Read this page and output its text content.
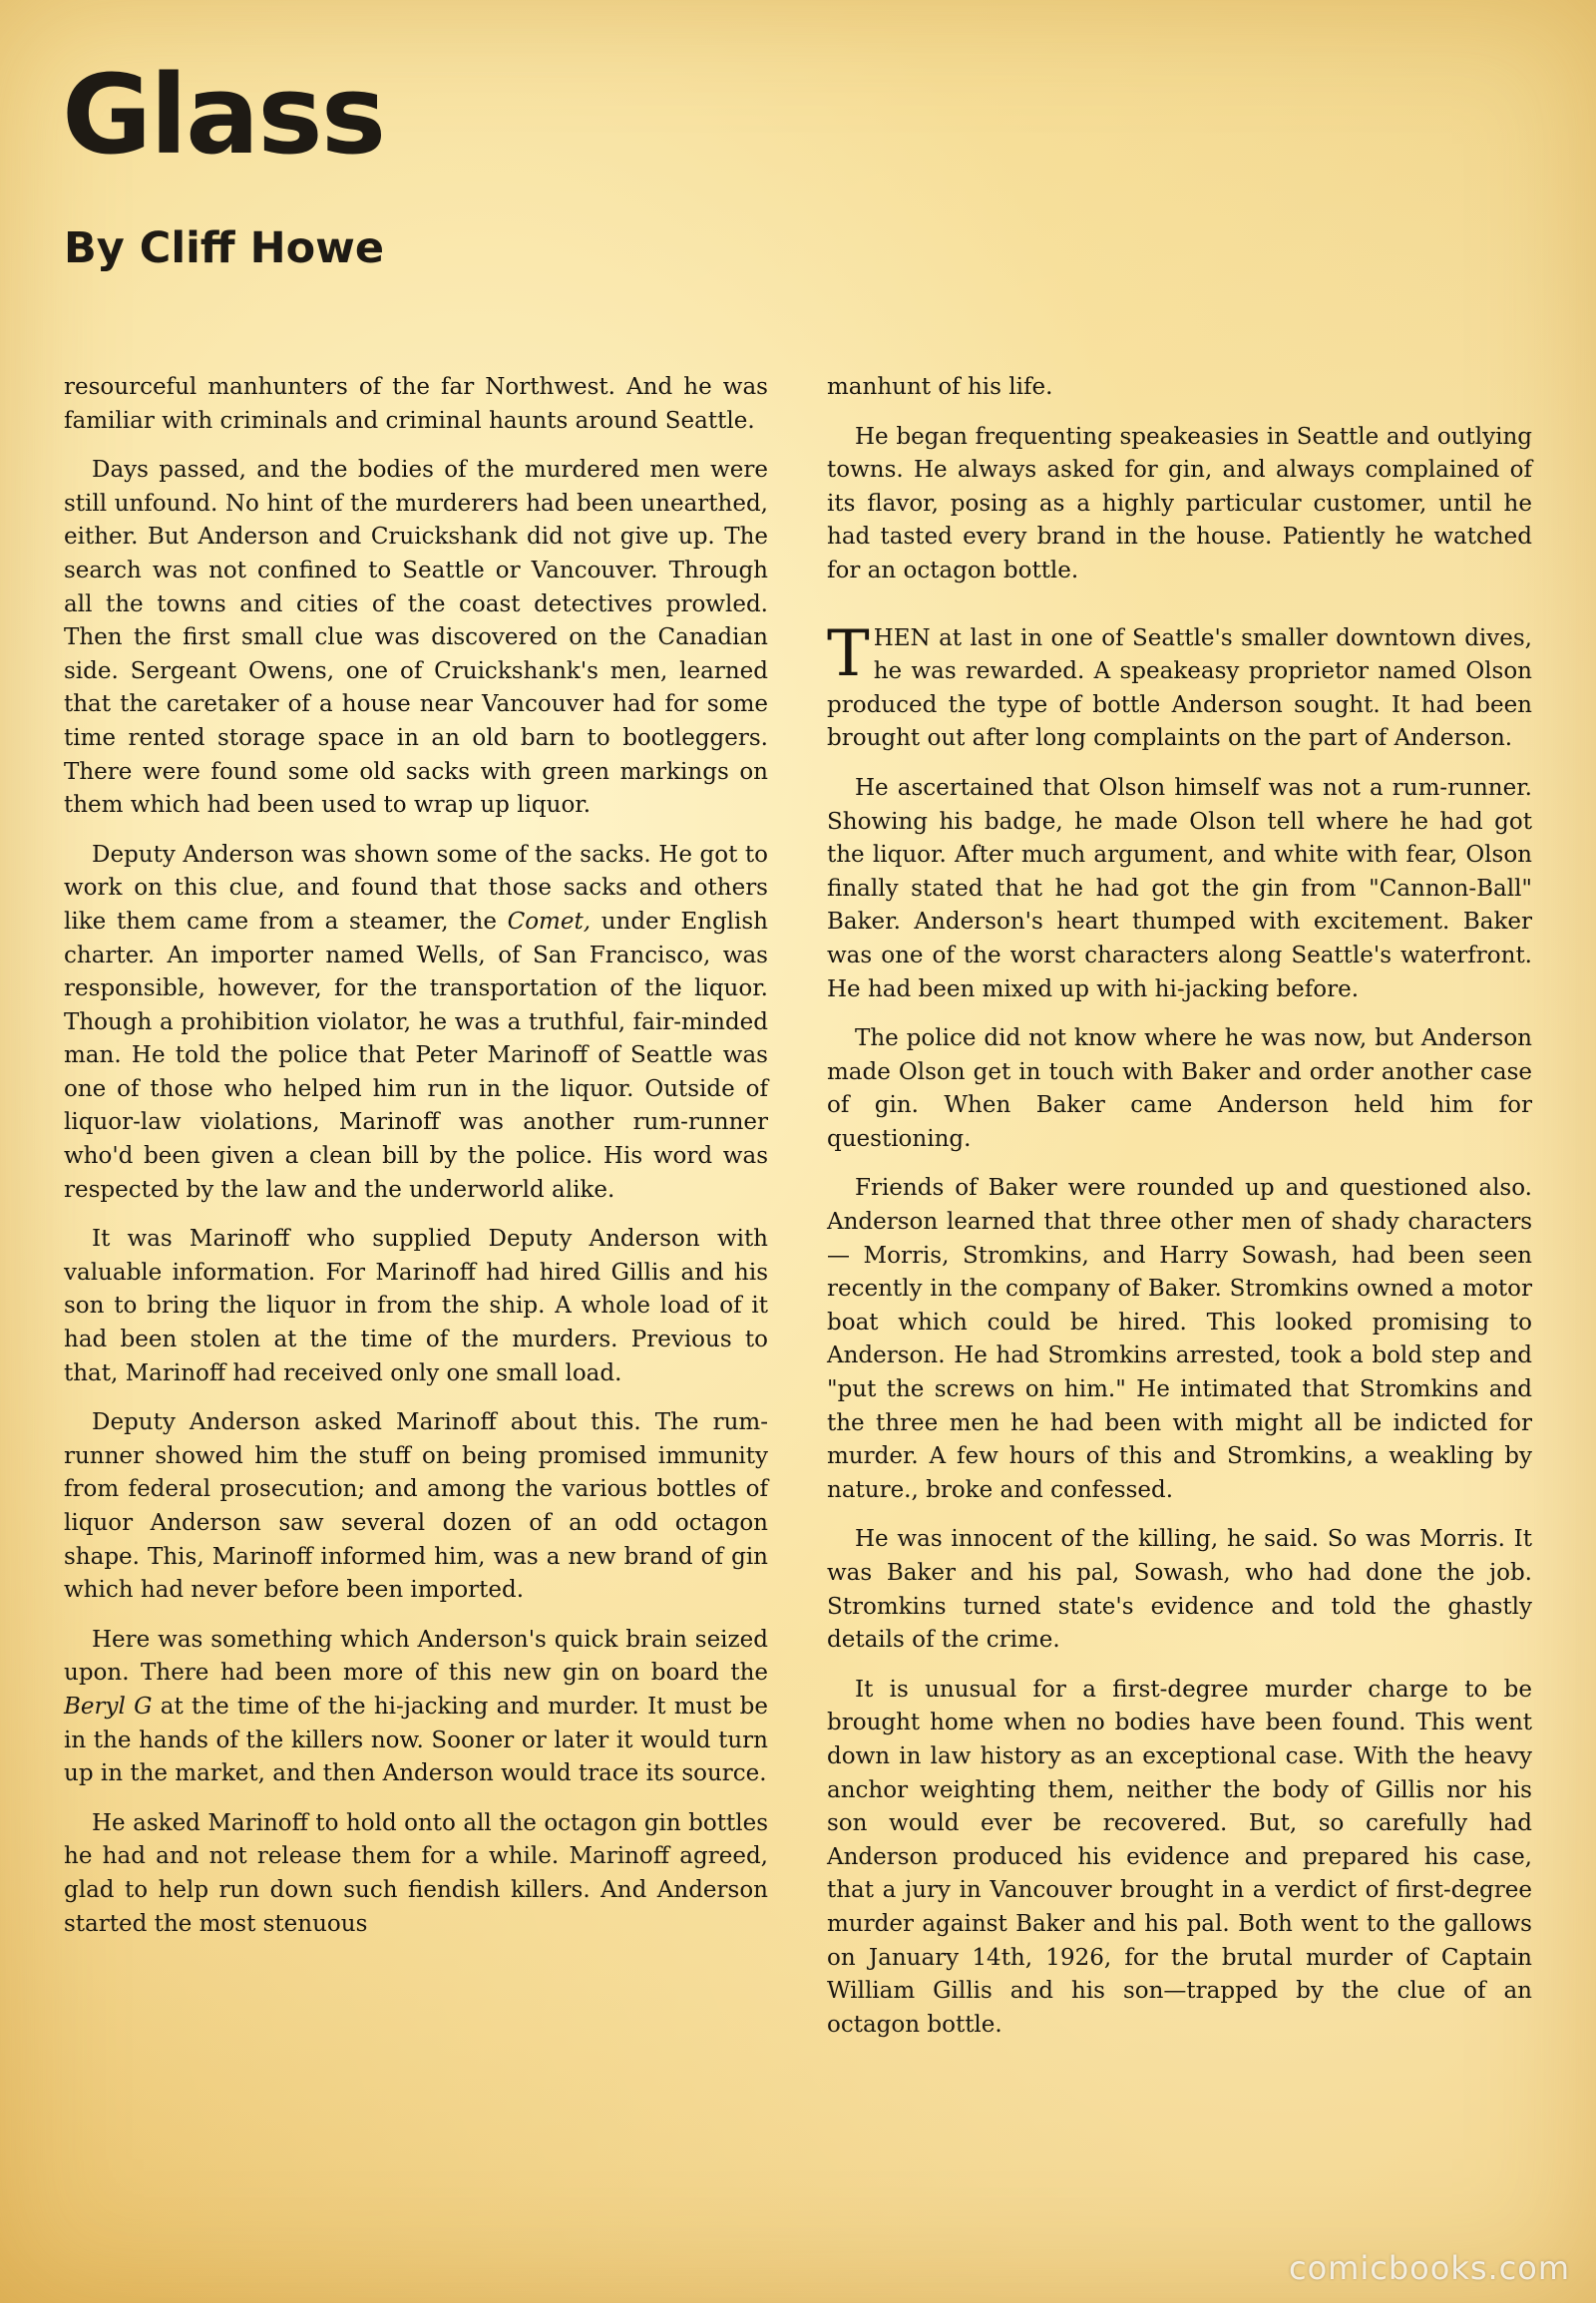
Glass
By Cliff Howe

resourceful manhunters of the far Northwest. And he was familiar with criminals and criminal haunts around Seattle.

Days passed, and the bodies of the murdered men were still unfound. No hint of the murderers had been unearthed, either. But Anderson and Cruickshank did not give up. The search was not confined to Seattle or Vancouver. Through all the towns and cities of the coast detectives prowled. Then the first small clue was discovered on the Canadian side. Sergeant Owens, one of Cruickshank's men, learned that the caretaker of a house near Vancouver had for some time rented storage space in an old barn to bootleggers. There were found some old sacks with green markings on them which had been used to wrap up liquor.

Deputy Anderson was shown some of the sacks. He got to work on this clue, and found that those sacks and others like them came from a steamer, the Comet, under English charter. An importer named Wells, of San Francisco, was responsible, however, for the transportation of the liquor. Though a prohibition violator, he was a truthful, fair-minded man. He told the police that Peter Marinoff of Seattle was one of those who helped him run in the liquor. Outside of liquor-law violations, Marinoff was another rum-runner who'd been given a clean bill by the police. His word was respected by the law and the underworld alike.

It was Marinoff who supplied Deputy Anderson with valuable information. For Marinoff had hired Gillis and his son to bring the liquor in from the ship. A whole load of it had been stolen at the time of the murders. Previous to that, Marinoff had received only one small load.

Deputy Anderson asked Marinoff about this. The rum-runner showed him the stuff on being promised immunity from federal prosecution; and among the various bottles of liquor Anderson saw several dozen of an odd octagon shape. This, Marinoff informed him, was a new brand of gin which had never before been imported.

Here was something which Anderson's quick brain seized upon. There had been more of this new gin on board the Beryl G at the time of the hi-jacking and murder. It must be in the hands of the killers now. Sooner or later it would turn up in the market, and then Anderson would trace its source.

He asked Marinoff to hold onto all the octagon gin bottles he had and not release them for a while. Marinoff agreed, glad to help run down such fiendish killers. And Anderson started the most stenuous

manhunt of his life.

He began frequenting speakeasies in Seattle and outlying towns. He always asked for gin, and always complained of its flavor, posing as a highly particular customer, until he had tasted every brand in the house. Patiently he watched for an octagon bottle.

THEN at last in one of Seattle's smaller downtown dives, he was rewarded. A speakeasy proprietor named Olson produced the type of bottle Anderson sought. It had been brought out after long complaints on the part of Anderson.

He ascertained that Olson himself was not a rum-runner. Showing his badge, he made Olson tell where he had got the liquor. After much argument, and white with fear, Olson finally stated that he had got the gin from "Cannon-Ball" Baker. Anderson's heart thumped with excitement. Baker was one of the worst characters along Seattle's waterfront. He had been mixed up with hi-jacking before.

The police did not know where he was now, but Anderson made Olson get in touch with Baker and order another case of gin. When Baker came Anderson held him for questioning.

Friends of Baker were rounded up and questioned also. Anderson learned that three other men of shady characters — Morris, Stromkins, and Harry Sowash, had been seen recently in the company of Baker. Stromkins owned a motor boat which could be hired. This looked promising to Anderson. He had Stromkins arrested, took a bold step and "put the screws on him." He intimated that Stromkins and the three men he had been with might all be indicted for murder. A few hours of this and Stromkins, a weakling by nature., broke and confessed.

He was innocent of the killing, he said. So was Morris. It was Baker and his pal, Sowash, who had done the job. Stromkins turned state's evidence and told the ghastly details of the crime.

It is unusual for a first-degree murder charge to be brought home when no bodies have been found. This went down in law history as an exceptional case. With the heavy anchor weighting them, neither the body of Gillis nor his son would ever be recovered. But, so carefully had Anderson produced his evidence and prepared his case, that a jury in Vancouver brought in a verdict of first-degree murder against Baker and his pal. Both went to the gallows on January 14th, 1926, for the brutal murder of Captain William Gillis and his son—trapped by the clue of an octagon bottle.

comicbooks.com
